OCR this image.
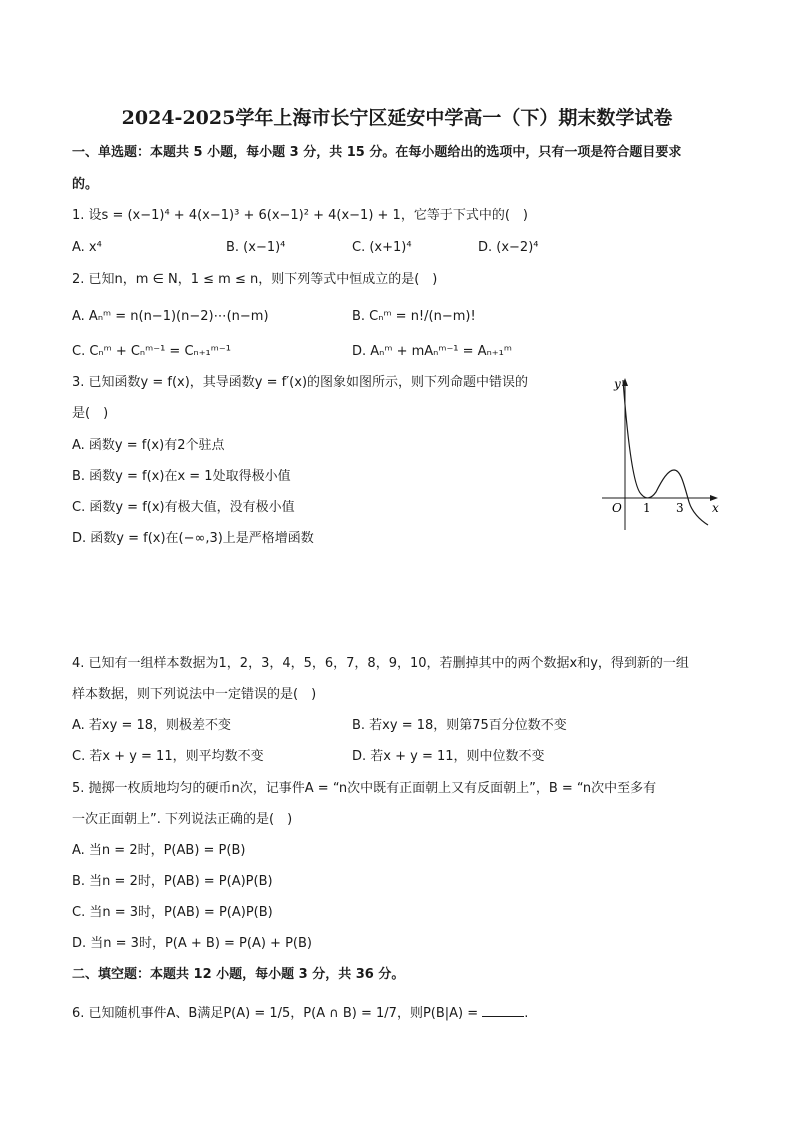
2024-2025学年上海市长宁区延安中学高一（下）期末数学试卷
一、单选题：本题共 5 小题，每小题 3 分，共 15 分。在每小题给出的选项中，只有一项是符合题目要求
的。
1. 设s = (x−1)⁴ + 4(x−1)³ + 6(x−1)² + 4(x−1) + 1，它等于下式中的(　)
A. x⁴	B. (x−1)⁴	C. (x+1)⁴	D. (x−2)⁴
2. 已知n，m ∈ N，1 ≤ m ≤ n，则下列等式中恒成立的是(　)
A. Aₙᵐ = n(n−1)(n−2)⋯(n−m)	B. Cₙᵐ = n!/(n−m)!
C. Cₙᵐ + Cₙᵐ⁻¹ = Cₙ₊₁ᵐ⁻¹	D. Aₙᵐ + mAₙᵐ⁻¹ = Aₙ₊₁ᵐ
3. 已知函数y = f(x)，其导函数y = f′(x)的图象如图所示，则下列命题中错误的
是(　)
A. 函数y = f(x)有2个驻点
B. 函数y = f(x)在x = 1处取得极小值
C. 函数y = f(x)有极大值，没有极小值
D. 函数y = f(x)在(−∞,3)上是严格增函数
y
x
O 1 3
4. 已知有一组样本数据为1，2，3，4，5，6，7，8，9，10，若删掉其中的两个数据x和y，得到新的一组
样本数据，则下列说法中一定错误的是(　)
A. 若xy = 18，则极差不变	B. 若xy = 18，则第75百分位数不变
C. 若x + y = 11，则平均数不变	D. 若x + y = 11，则中位数不变
5. 抛掷一枚质地均匀的硬币n次，记事件A = “n次中既有正面朝上又有反面朝上”，B = “n次中至多有
一次正面朝上”. 下列说法正确的是(　)
A. 当n = 2时，P(AB) = P(B)
B. 当n = 2时，P(AB) = P(A)P(B)
C. 当n = 3时，P(AB) = P(A)P(B)
D. 当n = 3时，P(A + B) = P(A) + P(B)
二、填空题：本题共 12 小题，每小题 3 分，共 36 分。
6. 已知随机事件A、B满足P(A) = 1/5，P(A ∩ B) = 1/7，则P(B|A) =	.
